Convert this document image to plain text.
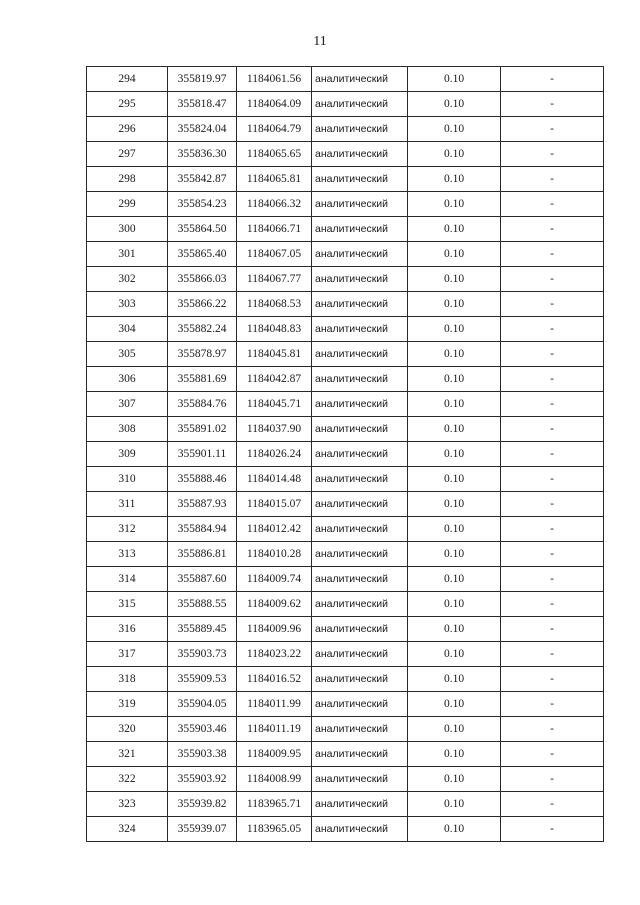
11
294	355819.97	1184061.56	аналитический	0.10	-
295	355818.47	1184064.09	аналитический	0.10	-
296	355824.04	1184064.79	аналитический	0.10	-
297	355836.30	1184065.65	аналитический	0.10	-
298	355842.87	1184065.81	аналитический	0.10	-
299	355854.23	1184066.32	аналитический	0.10	-
300	355864.50	1184066.71	аналитический	0.10	-
301	355865.40	1184067.05	аналитический	0.10	-
302	355866.03	1184067.77	аналитический	0.10	-
303	355866.22	1184068.53	аналитический	0.10	-
304	355882.24	1184048.83	аналитический	0.10	-
305	355878.97	1184045.81	аналитический	0.10	-
306	355881.69	1184042.87	аналитический	0.10	-
307	355884.76	1184045.71	аналитический	0.10	-
308	355891.02	1184037.90	аналитический	0.10	-
309	355901.11	1184026.24	аналитический	0.10	-
310	355888.46	1184014.48	аналитический	0.10	-
311	355887.93	1184015.07	аналитический	0.10	-
312	355884.94	1184012.42	аналитический	0.10	-
313	355886.81	1184010.28	аналитический	0.10	-
314	355887.60	1184009.74	аналитический	0.10	-
315	355888.55	1184009.62	аналитический	0.10	-
316	355889.45	1184009.96	аналитический	0.10	-
317	355903.73	1184023.22	аналитический	0.10	-
318	355909.53	1184016.52	аналитический	0.10	-
319	355904.05	1184011.99	аналитический	0.10	-
320	355903.46	1184011.19	аналитический	0.10	-
321	355903.38	1184009.95	аналитический	0.10	-
322	355903.92	1184008.99	аналитический	0.10	-
323	355939.82	1183965.71	аналитический	0.10	-
324	355939.07	1183965.05	аналитический	0.10	-
